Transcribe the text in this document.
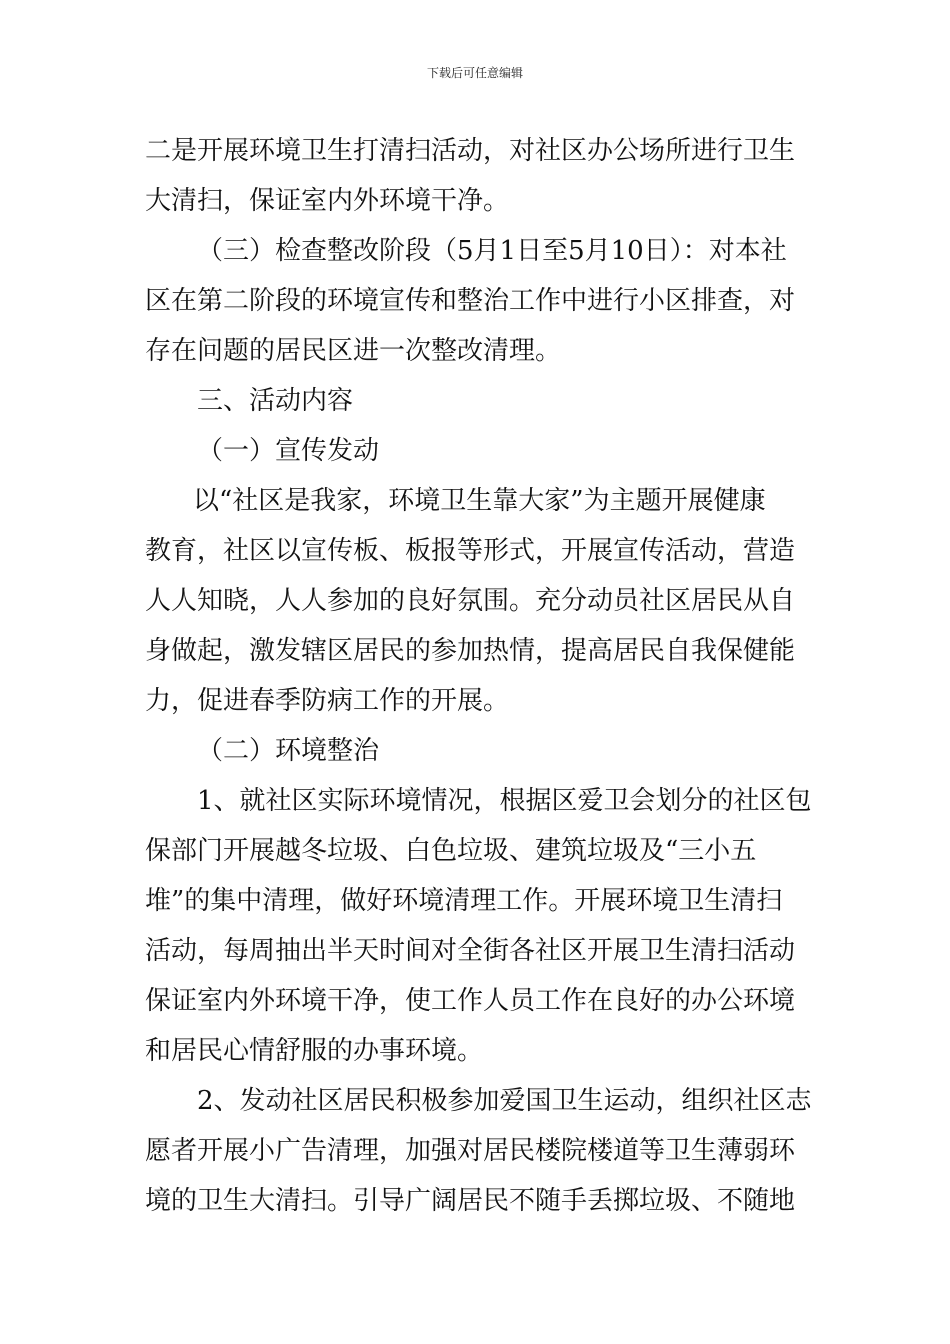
下载后可任意编辑
二是开展环境卫生打清扫活动，对社区办公场所进行卫生
大清扫，保证室内外环境干净。
（三）检查整改阶段（5月1日至5月10日）：对本社
区在第二阶段的环境宣传和整治工作中进行小区排查，对
存在问题的居民区进一次整改清理。
三、活动内容
（一）宣传发动
以“社区是我家，环境卫生靠大家”为主题开展健康
教育，社区以宣传板、板报等形式，开展宣传活动，营造
人人知晓，人人参加的良好氛围。充分动员社区居民从自
身做起，激发辖区居民的参加热情，提高居民自我保健能
力，促进春季防病工作的开展。
（二）环境整治
1、就社区实际环境情况，根据区爱卫会划分的社区包
保部门开展越冬垃圾、白色垃圾、建筑垃圾及“三小五
堆”的集中清理，做好环境清理工作。开展环境卫生清扫
活动，每周抽出半天时间对全街各社区开展卫生清扫活动
保证室内外环境干净，使工作人员工作在良好的办公环境
和居民心情舒服的办事环境。
2、发动社区居民积极参加爱国卫生运动，组织社区志
愿者开展小广告清理，加强对居民楼院楼道等卫生薄弱环
境的卫生大清扫。引导广阔居民不随手丢掷垃圾、不随地
